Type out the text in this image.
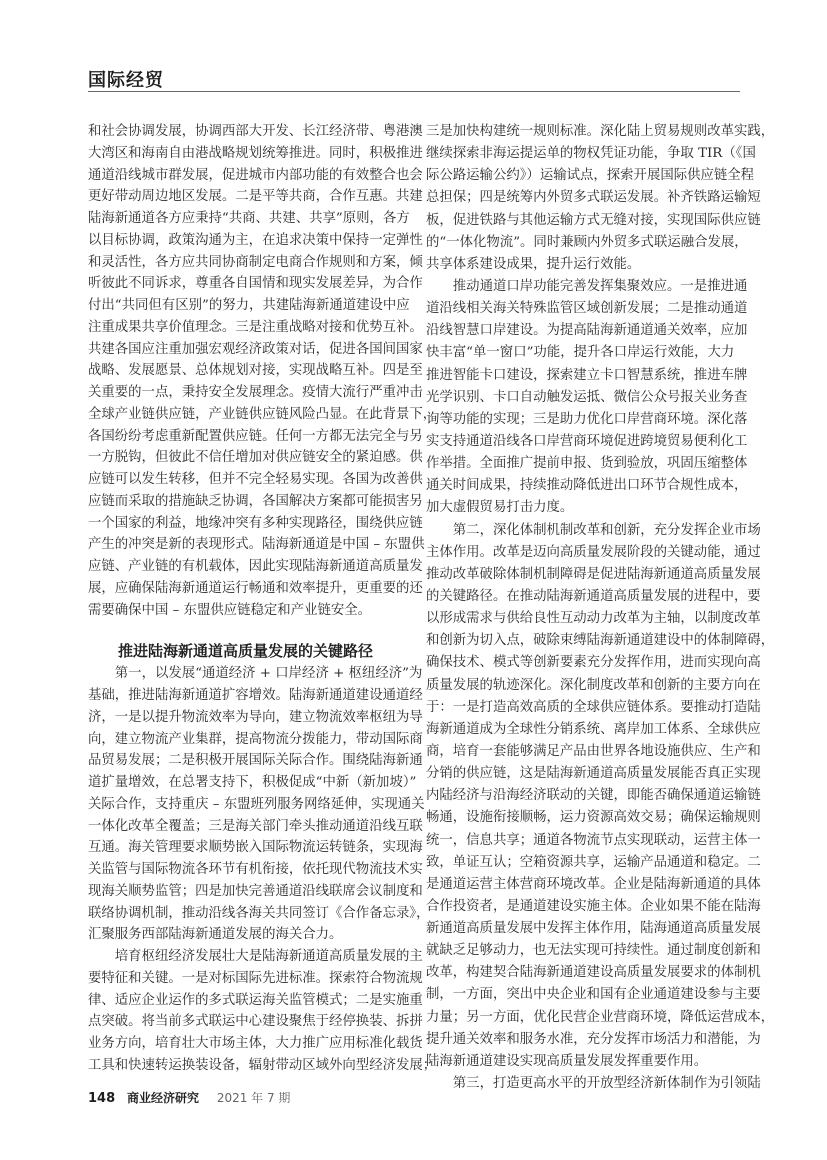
国际经贸
和社会协调发展，协调西部大开发、长江经济带、粤港澳
大湾区和海南自由港战略规划统筹推进。同时，积极推进
通道沿线城市群发展，促进城市内部功能的有效整合也会
更好带动周边地区发展。二是平等共商，合作互惠。共建
陆海新通道各方应秉持“共商、共建、共享”原则，各方
以目标协调，政策沟通为主，在追求决策中保持一定弹性
和灵活性，各方应共同协商制定电商合作规则和方案，倾
听彼此不同诉求，尊重各自国情和现实发展差异，为合作
付出“共同但有区别”的努力，共建陆海新通道建设中应
注重成果共享价值理念。三是注重战略对接和优势互补。
共建各国应注重加强宏观经济政策对话，促进各国间国家
战略、发展愿景、总体规划对接，实现战略互补。四是至
关重要的一点，秉持安全发展理念。疫情大流行严重冲击
全球产业链供应链，产业链供应链风险凸显。在此背景下，
各国纷纷考虑重新配置供应链。任何一方都无法完全与另
一方脱钩，但彼此不信任增加对供应链安全的紧迫感。供
应链可以发生转移，但并不完全轻易实现。各国为改善供
应链而采取的措施缺乏协调，各国解决方案都可能损害另
一个国家的利益，地缘冲突有多种实现路径，围绕供应链
产生的冲突是新的表现形式。陆海新通道是中国 – 东盟供
应链、产业链的有机载体，因此实现陆海新通道高质量发
展，应确保陆海新通道运行畅通和效率提升，更重要的还
需要确保中国 – 东盟供应链稳定和产业链安全。
推进陆海新通道高质量发展的关键路径
第一，以发展“通道经济 + 口岸经济 + 枢纽经济”为
基础，推进陆海新通道扩容增效。陆海新通道建设通道经
济，一是以提升物流效率为导向，建立物流效率枢纽为导
向，建立物流产业集群，提高物流分拨能力，带动国际商
品贸易发展；二是积极开展国际关际合作。围绕陆海新通
道扩量增效，在总署支持下，积极促成“中新（新加坡）”
关际合作，支持重庆 – 东盟班列服务网络延伸，实现通关
一体化改革全覆盖；三是海关部门牵头推动通道沿线互联
互通。海关管理要求顺势嵌入国际物流运转链条，实现海
关监管与国际物流各环节有机衔接，依托现代物流技术实
现海关顺势监管；四是加快完善通道沿线联席会议制度和
联络协调机制，推动沿线各海关共同签订《合作备忘录》，
汇聚服务西部陆海新通道发展的海关合力。
培育枢纽经济发展壮大是陆海新通道高质量发展的主
要特征和关键。一是对标国际先进标准。探索符合物流规
律、适应企业运作的多式联运海关监管模式；二是实施重
点突破。将当前多式联运中心建设聚焦于经停换装、拆拼
业务方向，培育壮大市场主体，大力推广应用标准化载货
工具和快速转运换装设备，辐射带动区域外向型经济发展；
三是加快构建统一规则标准。深化陆上贸易规则改革实践，
继续探索非海运提运单的物权凭证功能，争取 TIR（《国
际公路运输公约》）运输试点，探索开展国际供应链全程
总担保；四是统筹内外贸多式联运发展。补齐铁路运输短
板，促进铁路与其他运输方式无缝对接，实现国际供应链
的“一体化物流”。同时兼顾内外贸多式联运融合发展，
共享体系建设成果，提升运行效能。
推动通道口岸功能完善发挥集聚效应。一是推进通
道沿线相关海关特殊监管区域创新发展；二是推动通道
沿线智慧口岸建设。为提高陆海新通道通关效率，应加
快丰富“单一窗口”功能，提升各口岸运行效能，大力
推进智能卡口建设，探索建立卡口智慧系统，推进车牌
光学识别、卡口自动触发运抵、微信公众号报关业务查
询等功能的实现；三是助力优化口岸营商环境。深化落
实支持通道沿线各口岸营商环境促进跨境贸易便利化工
作举措。全面推广提前申报、货到验放，巩固压缩整体
通关时间成果，持续推动降低进出口环节合规性成本，
加大虚假贸易打击力度。
第二，深化体制机制改革和创新，充分发挥企业市场
主体作用。改革是迈向高质量发展阶段的关键动能，通过
推动改革破除体制机制障碍是促进陆海新通道高质量发展
的关键路径。在推动陆海新通道高质量发展的进程中，要
以形成需求与供给良性互动动力改革为主轴，以制度改革
和创新为切入点，破除束缚陆海新通道建设中的体制障碍，
确保技术、模式等创新要素充分发挥作用，进而实现向高
质量发展的轨迹深化。深化制度改革和创新的主要方向在
于：一是打造高效高质的全球供应链体系。要推动打造陆
海新通道成为全球性分销系统、离岸加工体系、全球供应
商，培育一套能够满足产品由世界各地设施供应、生产和
分销的供应链，这是陆海新通道高质量发展能否真正实现
内陆经济与沿海经济联动的关键，即能否确保通道运输链
畅通，设施衔接顺畅，运力资源高效交易；确保运输规则
统一，信息共享；通道各物流节点实现联动，运营主体一
致，单证互认；空箱资源共享，运输产品通道和稳定。二
是通道运营主体营商环境改革。企业是陆海新通道的具体
合作投资者，是通道建设实施主体。企业如果不能在陆海
新通道高质量发展中发挥主体作用，陆海通道高质量发展
就缺乏足够动力，也无法实现可持续性。通过制度创新和
改革，构建契合陆海新通道建设高质量发展要求的体制机
制，一方面，突出中央企业和国有企业通道建设参与主要
力量；另一方面，优化民营企业营商环境，降低运营成本，
提升通关效率和服务水准，充分发挥市场活力和潜能，为
陆海新通道建设实现高质量发展发挥重要作用。
第三，打造更高水平的开放型经济新体制作为引领陆
148 商业经济研究 2021 年 7 期
